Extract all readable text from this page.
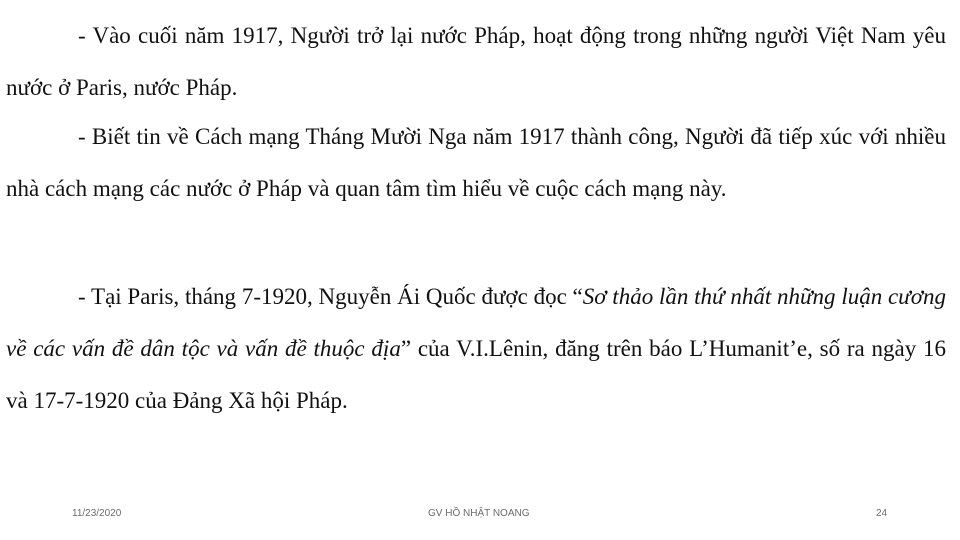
- Vào cuối năm 1917, Người trở lại nước Pháp, hoạt động trong những người Việt Nam yêu nước ở Paris, nước Pháp.

- Biết tin về Cách mạng Tháng Mười Nga năm 1917 thành công, Người đã tiếp xúc với nhiều nhà cách mạng các nước ở Pháp và quan tâm tìm hiểu về cuộc cách mạng này.

- Tại Paris, tháng 7-1920, Nguyễn Ái Quốc được đọc “Sơ thảo lần thứ nhất những luận cương về các vấn đề dân tộc và vấn đề thuộc địa” của V.I.Lênin, đăng trên báo L’Humanit’e, số ra ngày 16 và 17-7-1920 của Đảng Xã hội Pháp.

11/23/2020	GV HỒ NHẬT NOANG	24
